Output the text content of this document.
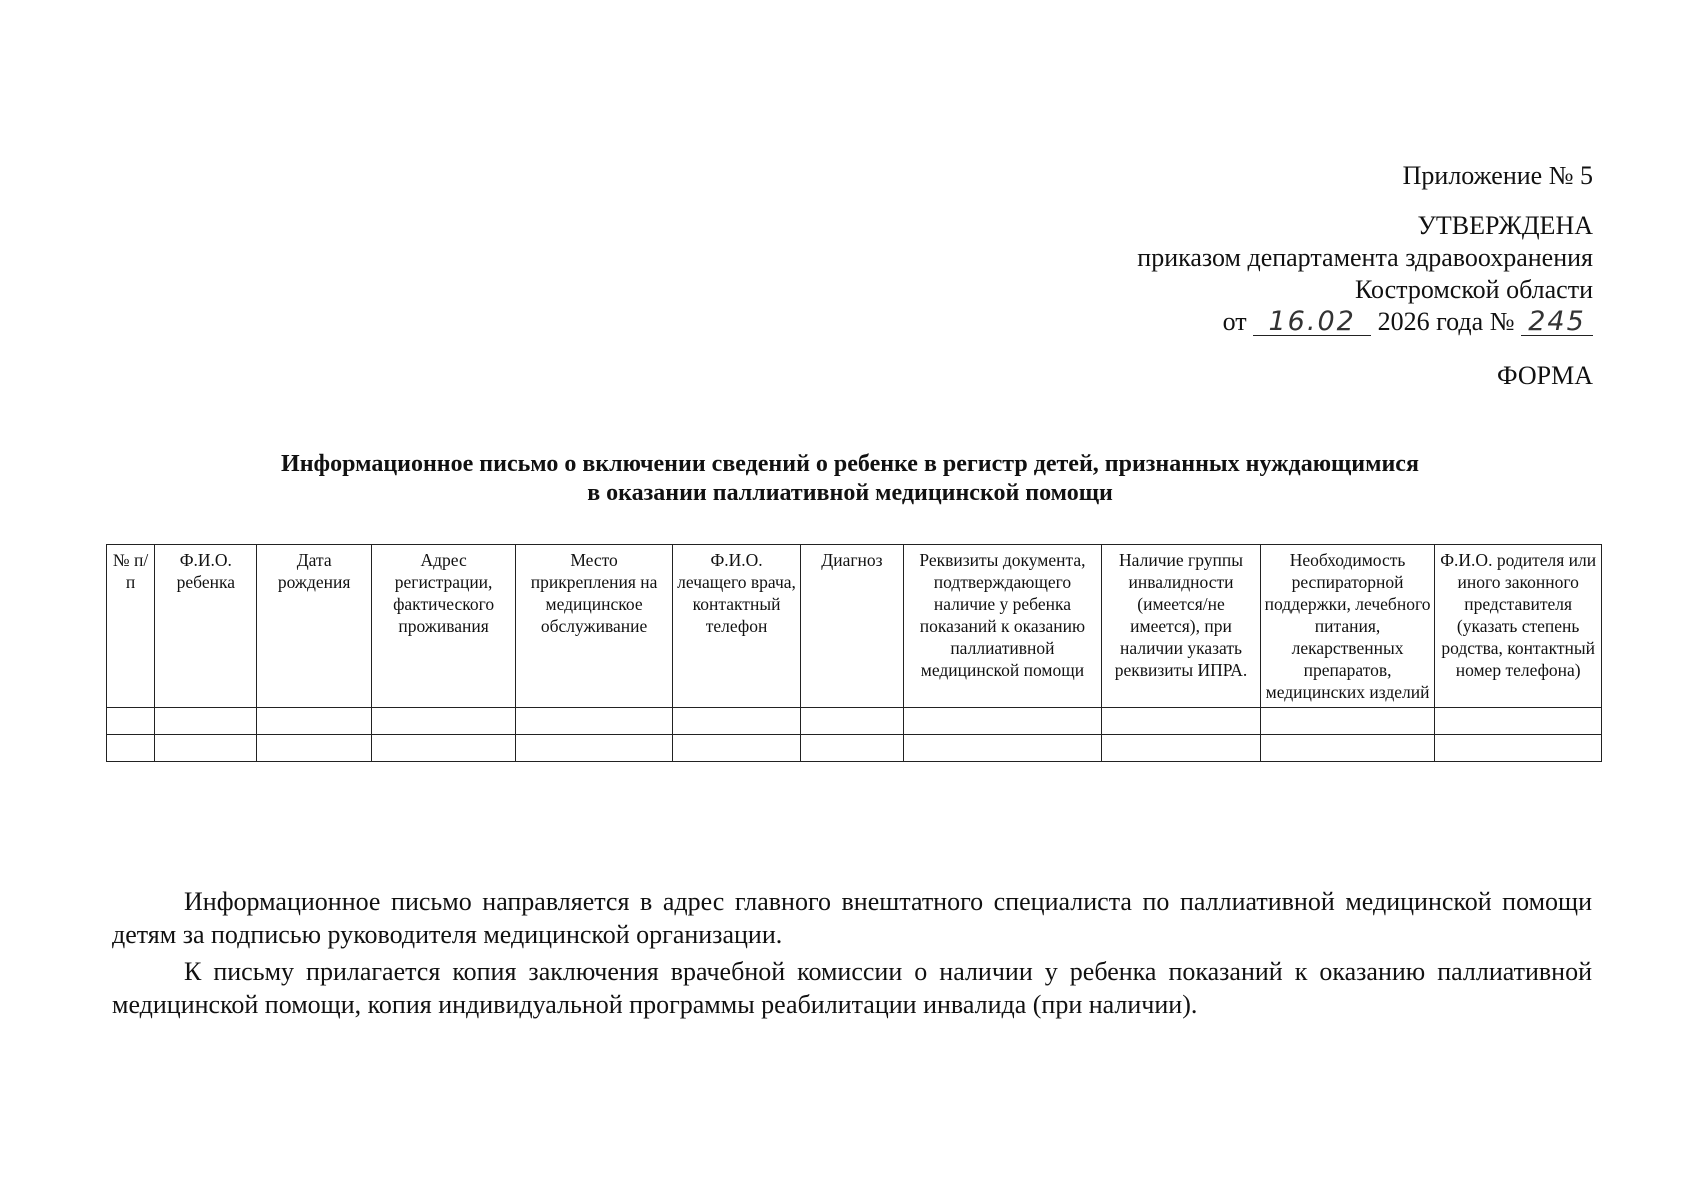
Приложение № 5
УТВЕРЖДЕНА
приказом департамента здравоохранения
Костромской области
от 16.02 2026 года № 245
ФОРМА
Информационное письмо о включении сведений о ребенке в регистр детей, признанных нуждающимися
в оказании паллиативной медицинской помощи
№ п/п	Ф.И.О. ребенка	Дата рождения	Адрес регистрации, фактического проживания	Место прикрепления на медицинское обслуживание	Ф.И.О. лечащего врача, контактный телефон	Диагноз	Реквизиты документа, подтверждающего наличие у ребенка показаний к оказанию паллиативной медицинской помощи	Наличие группы инвалидности (имеется/не имеется), при наличии указать реквизиты ИПРА.	Необходимость респираторной поддержки, лечебного питания, лекарственных препаратов, медицинских изделий	Ф.И.О. родителя или иного законного представителя (указать степень родства, контактный номер телефона)

Информационное письмо направляется в адрес главного внештатного специалиста по паллиативной медицинской помощи детям за подписью руководителя медицинской организации.

К письму прилагается копия заключения врачебной комиссии о наличии у ребенка показаний к оказанию паллиативной медицинской помощи, копия индивидуальной программы реабилитации инвалида (при наличии).
